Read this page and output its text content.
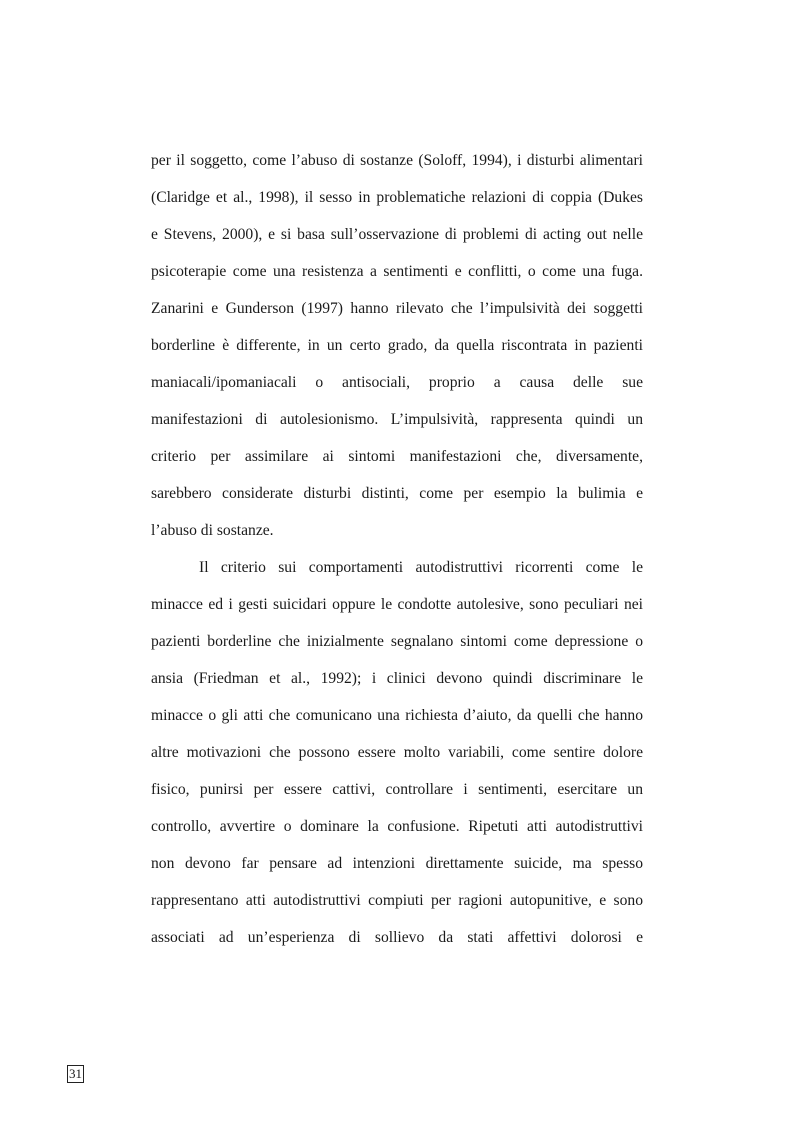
per il soggetto, come l’abuso di sostanze (Soloff, 1994), i disturbi alimentari
(Claridge et al., 1998), il sesso in problematiche relazioni di coppia (Dukes
e Stevens, 2000), e si basa sull’osservazione di problemi di acting out nelle
psicoterapie come una resistenza a sentimenti e conflitti, o come una fuga.
Zanarini e Gunderson (1997) hanno rilevato che l’impulsività dei soggetti
borderline è differente, in un certo grado, da quella riscontrata in pazienti
maniacali/ipomaniacali o antisociali, proprio a causa delle sue
manifestazioni di autolesionismo. L’impulsività, rappresenta quindi un
criterio per assimilare ai sintomi manifestazioni che, diversamente,
sarebbero considerate disturbi distinti, come per esempio la bulimia e
l’abuso di sostanze.
Il criterio sui comportamenti autodistruttivi ricorrenti come le
minacce ed i gesti suicidari oppure le condotte autolesive, sono peculiari nei
pazienti borderline che inizialmente segnalano sintomi come depressione o
ansia (Friedman et al., 1992); i clinici devono quindi discriminare le
minacce o gli atti che comunicano una richiesta d’aiuto, da quelli che hanno
altre motivazioni che possono essere molto variabili, come sentire dolore
fisico, punirsi per essere cattivi, controllare i sentimenti, esercitare un
controllo, avvertire o dominare la confusione. Ripetuti atti autodistruttivi
non devono far pensare ad intenzioni direttamente suicide, ma spesso
rappresentano atti autodistruttivi compiuti per ragioni autopunitive, e sono
associati ad un’esperienza di sollievo da stati affettivi dolorosi e
31
